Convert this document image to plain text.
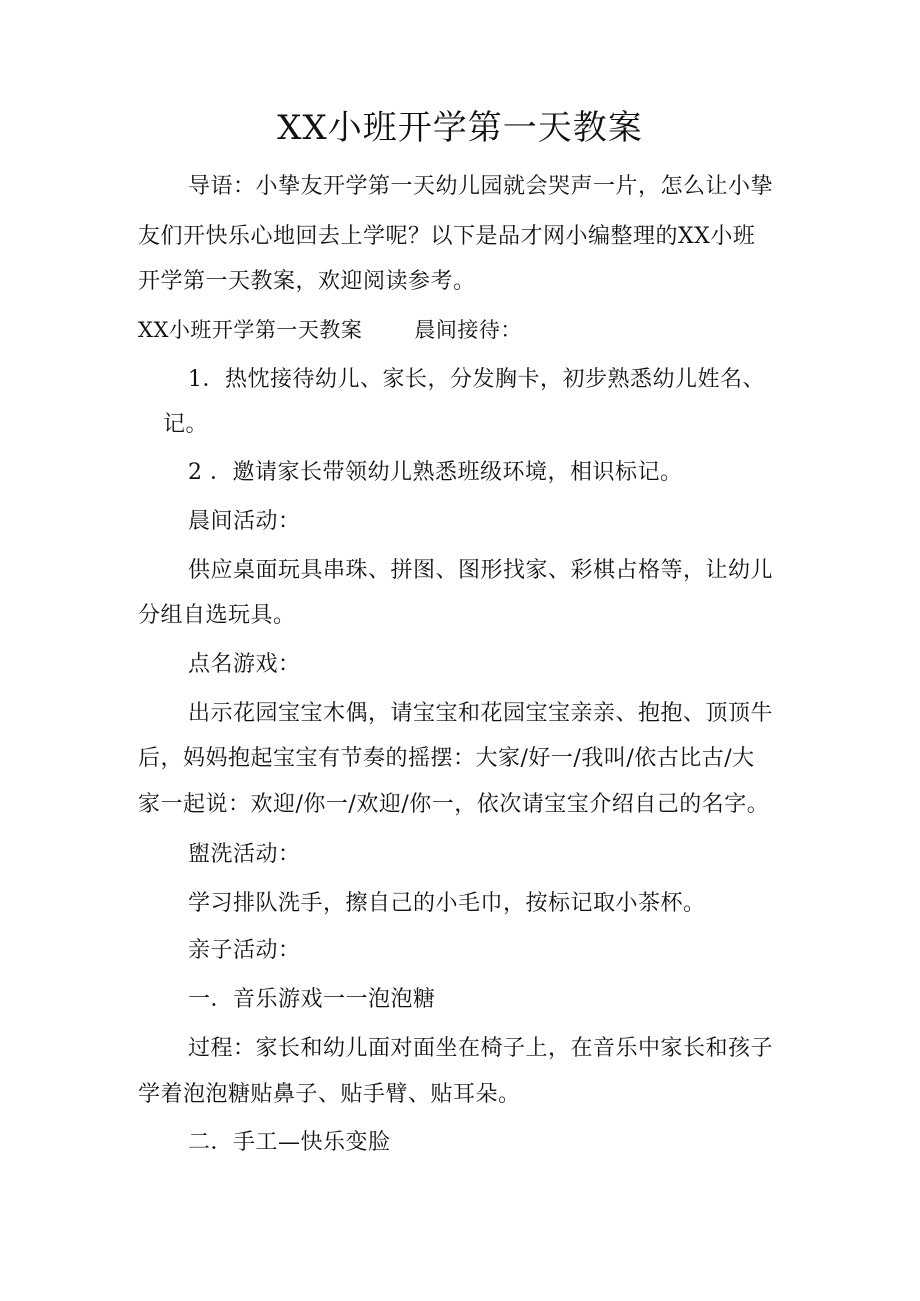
XX小班开学第一天教案
导语：小挚友开学第一天幼儿园就会哭声一片，怎么让小挚
友们开快乐心地回去上学呢？以下是品才网小编整理的XX小班
开学第一天教案，欢迎阅读参考。
XX小班开学第一天教案 晨间接待：
1．热忱接待幼儿、家长，分发胸卡，初步熟悉幼儿姓名、
记。
2 ．邀请家长带领幼儿熟悉班级环境，相识标记。
晨间活动：
供应桌面玩具串珠、拼图、图形找家、彩棋占格等，让幼儿
分组自选玩具。
点名游戏：
出示花园宝宝木偶，请宝宝和花园宝宝亲亲、抱抱、顶顶牛
后，妈妈抱起宝宝有节奏的摇摆：大家/好一/我叫/依古比古/大
家一起说：欢迎/你一/欢迎/你一，依次请宝宝介绍自己的名字。
盥洗活动：
学习排队洗手，擦自己的小毛巾，按标记取小茶杯。
亲子活动：
一．音乐游戏一一泡泡糖
过程：家长和幼儿面对面坐在椅子上，在音乐中家长和孩子
学着泡泡糖贴鼻子、贴手臂、贴耳朵。
二．手工—快乐变脸
